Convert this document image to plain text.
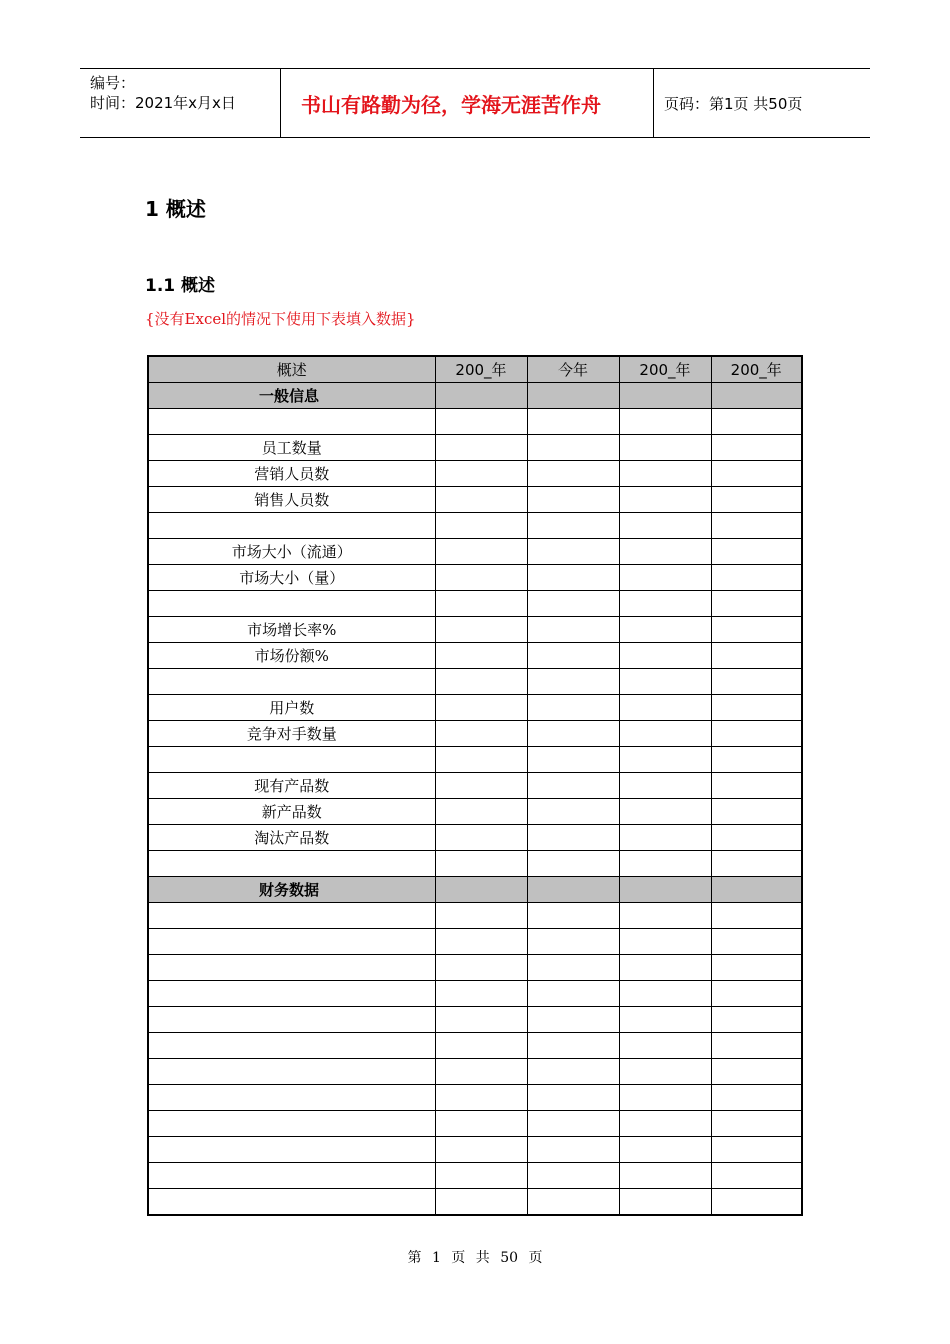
编号：
时间：2021年x月x日	书山有路勤为径，学海无涯苦作舟	页码：第1页 共50页
1 概述
1.1 概述
{没有Excel的情况下使用下表填入数据}
概述	200_年	今年	200_年	200_年
一般信息				

员工数量				
营销人员数				
销售人员数				

市场大小（流通）				
市场大小（量）				

市场增长率%				
市场份额%				

用户数				
竞争对手数量				

现有产品数				
新产品数				
淘汰产品数				

财务数据				

第 1 页 共 50 页
